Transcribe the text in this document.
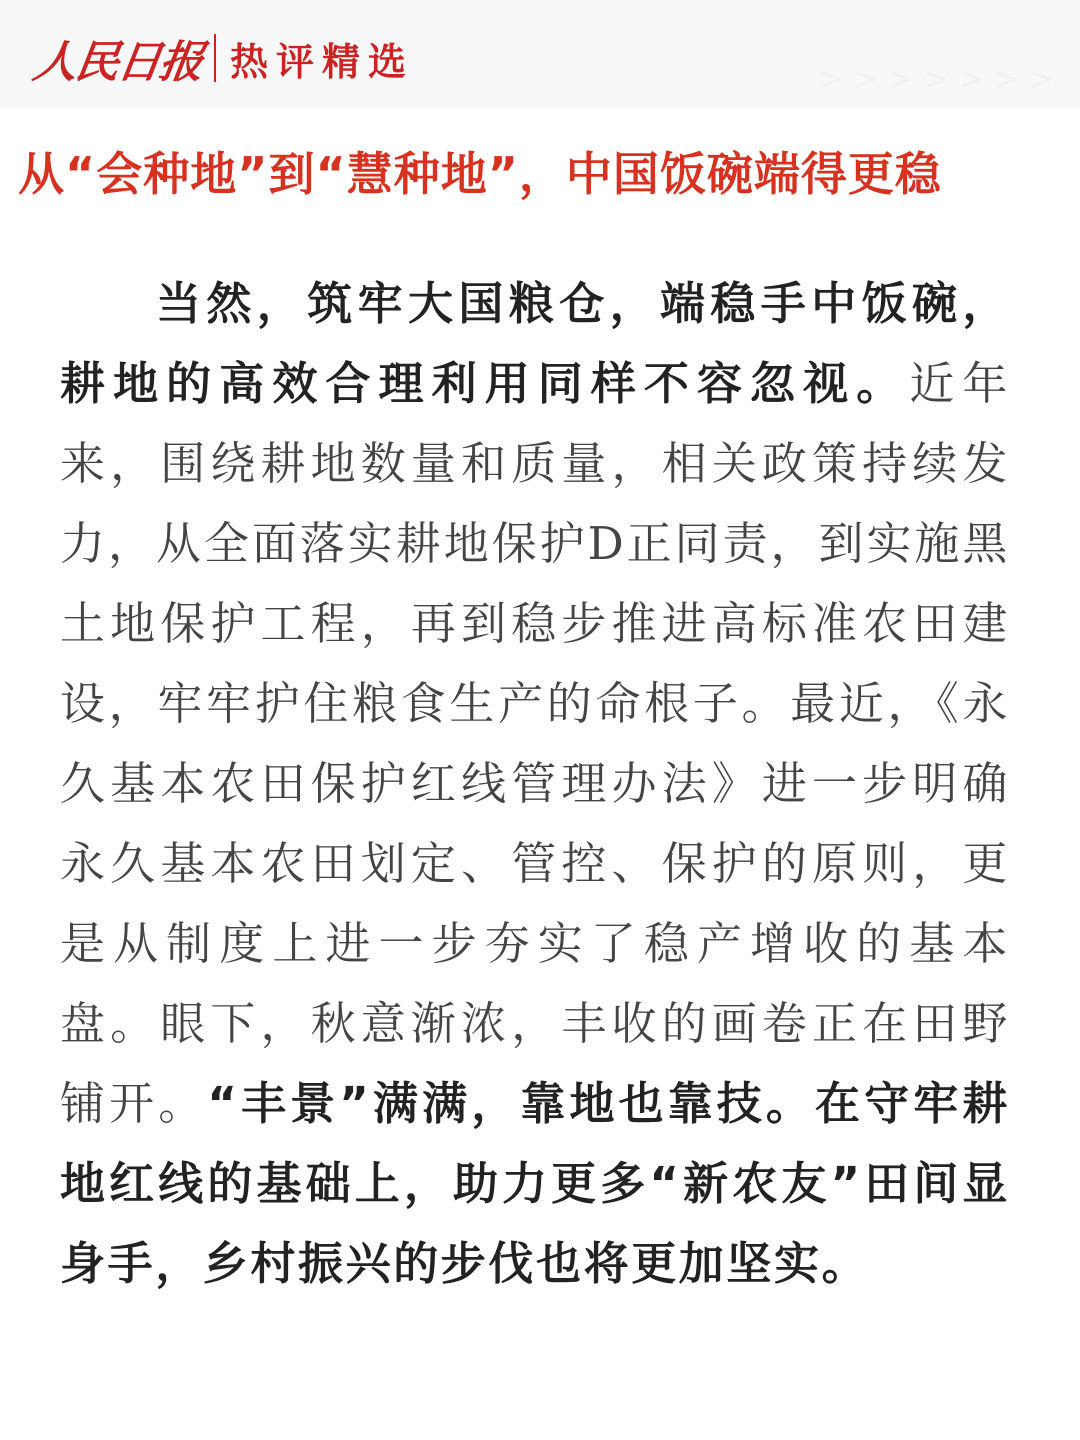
人民日报 热评精选	>>>>>>>
从“会种地”到“慧种地”，中国饭碗端得更稳

当然，筑牢大国粮仓，端稳手中饭碗，耕地的高效合理利用同样不容忽视。近年来，围绕耕地数量和质量，相关政策持续发力，从全面落实耕地保护D正同责，到实施黑土地保护工程，再到稳步推进高标准农田建设，牢牢护住粮食生产的命根子。最近，《永久基本农田保护红线管理办法》进一步明确永久基本农田划定、管控、保护的原则，更是从制度上进一步夯实了稳产增收的基本盘。眼下，秋意渐浓，丰收的画卷正在田野铺开。“丰景”满满，靠地也靠技。在守牢耕地红线的基础上，助力更多“新农友”田间显身手，乡村振兴的步伐也将更加坚实。
